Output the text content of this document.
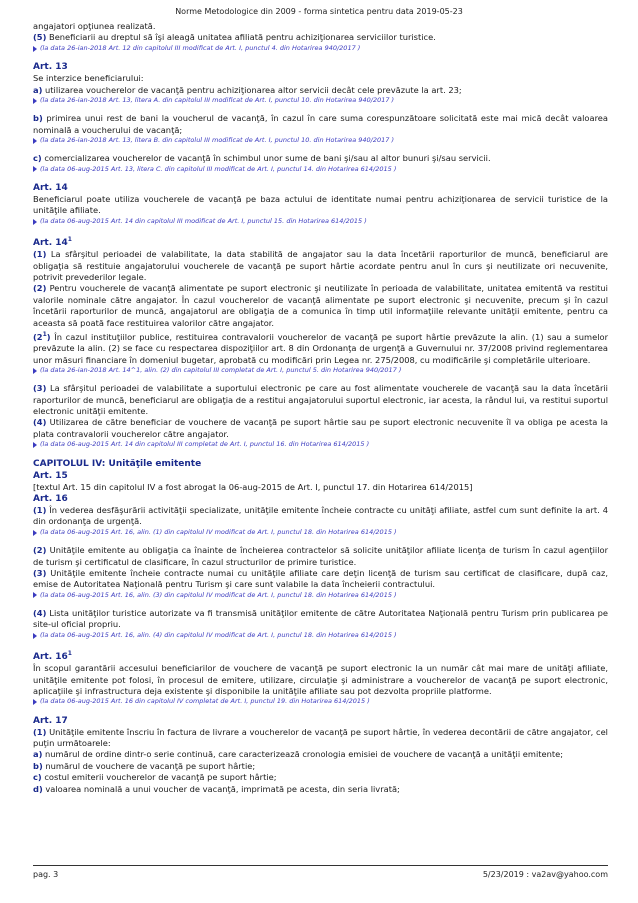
Norme Metodologice din 2009 - forma sintetica pentru data 2019-05-23

angajatori opţiunea realizată.

(5) Beneficiarii au dreptul să îşi aleagă unitatea afiliată pentru achiziţionarea serviciilor turistice.

(la data 26-ian-2018 Art. 12 din capitolul III modificat de Art. I, punctul 4. din Hotarirea 940/2017 )

Art. 13

Se interzice beneficiarului:

a) utilizarea voucherelor de vacanţă pentru achiziţionarea altor servicii decât cele prevăzute la art. 23;

(la data 26-ian-2018 Art. 13, litera A. din capitolul III modificat de Art. I, punctul 10. din Hotarirea 940/2017 )

b) primirea unui rest de bani la voucherul de vacanţă, în cazul în care suma corespunzătoare solicitată este mai mică decât valoarea nominală a voucherului de vacanţă;

(la data 26-ian-2018 Art. 13, litera B. din capitolul III modificat de Art. I, punctul 10. din Hotarirea 940/2017 )

c) comercializarea voucherelor de vacanţă în schimbul unor sume de bani şi/sau al altor bunuri şi/sau servicii.

(la data 06-aug-2015 Art. 13, litera C. din capitolul III modificat de Art. I, punctul 14. din Hotarirea 614/2015 )

Art. 14

Beneficiarul poate utiliza voucherele de vacanţă pe baza actului de identitate numai pentru achiziţionarea de servicii turistice de la unităţile afiliate.

(la data 06-aug-2015 Art. 14 din capitolul III modificat de Art. I, punctul 15. din Hotarirea 614/2015 )

Art. $14^1$

(1) La sfârşitul perioadei de valabilitate, la data stabilită de angajator sau la data încetării raporturilor de muncă, beneficiarul are obligaţia să restituie angajatorului voucherele de vacanţă pe suport hârtie acordate pentru anul în curs şi neutilizate ori necuvenite, potrivit prevederilor legale.

(2) Pentru voucherele de vacanţă alimentate pe suport electronic şi neutilizate în perioada de valabilitate, unitatea emitentă va restitui valorile nominale către angajator. În cazul voucherelor de vacanţă alimentate pe suport electronic şi necuvenite, precum şi în cazul încetării raporturilor de muncă, angajatorul are obligaţia de a comunica în timp util informaţiile relevante unităţii emitente, pentru ca aceasta să poată face restituirea valorilor către angajator.

$(2^1)$ În cazul instituţiilor publice, restituirea contravalorii voucherelor de vacanţă pe suport hârtie prevăzute la alin. (1) sau a sumelor prevăzute la alin. (2) se face cu respectarea dispoziţiilor art. 8 din Ordonanţa de urgenţă a Guvernului nr. 37/2008 privind reglementarea unor măsuri financiare în domeniul bugetar, aprobată cu modificări prin Legea nr. 275/2008, cu modificările şi completările ulterioare.

(la data 26-ian-2018 Art. 14^1, alin. (2) din capitolul III completat de Art. I, punctul 5. din Hotarirea 940/2017 )

(3) La sfârşitul perioadei de valabilitate a suportului electronic pe care au fost alimentate voucherele de vacanţă sau la data încetării raporturilor de muncă, beneficiarul are obligaţia de a restitui angajatorului suportul electronic, iar acesta, la rândul lui, va restitui suportul electronic unităţii emitente.

(4) Utilizarea de către beneficiar de vouchere de vacanţă pe suport hârtie sau pe suport electronic necuvenite îl va obliga pe acesta la plata contravalorii voucherelor către angajator.

(la data 06-aug-2015 Art. 14 din capitolul III completat de Art. I, punctul 16. din Hotarirea 614/2015 )

CAPITOLUL IV: Unităţile emitente

Art. 15

[textul Art. 15 din capitolul IV a fost abrogat la 06-aug-2015 de Art. I, punctul 17. din Hotarirea 614/2015]

Art. 16

(1) În vederea desfăşurării activităţii specializate, unităţile emitente încheie contracte cu unităţi afiliate, astfel cum sunt definite la art. 4 din ordonanţa de urgenţă.

(la data 06-aug-2015 Art. 16, alin. (1) din capitolul IV modificat de Art. I, punctul 18. din Hotarirea 614/2015 )

(2) Unităţile emitente au obligaţia ca înainte de încheierea contractelor să solicite unităţilor afiliate licenţa de turism în cazul agenţiilor de turism şi certificatul de clasificare, în cazul structurilor de primire turistice.

(3) Unităţile emitente încheie contracte numai cu unităţile afiliate care deţin licenţă de turism sau certificat de clasificare, după caz, emise de Autoritatea Naţională pentru Turism şi care sunt valabile la data încheierii contractului.

(la data 06-aug-2015 Art. 16, alin. (3) din capitolul IV modificat de Art. I, punctul 18. din Hotarirea 614/2015 )

(4) Lista unităţilor turistice autorizate va fi transmisă unităţilor emitente de către Autoritatea Naţională pentru Turism prin publicarea pe site-ul oficial propriu.

(la data 06-aug-2015 Art. 16, alin. (4) din capitolul IV modificat de Art. I, punctul 18. din Hotarirea 614/2015 )

Art. $16^1$

În scopul garantării accesului beneficiarilor de vouchere de vacanţă pe suport electronic la un număr cât mai mare de unităţi afiliate, unităţile emitente pot folosi, în procesul de emitere, utilizare, circulaţie şi administrare a voucherelor de vacanţă pe suport electronic, aplicaţiile şi infrastructura deja existente şi disponibile la unităţile afiliate sau pot dezvolta propriile platforme.

(la data 06-aug-2015 Art. 16 din capitolul IV completat de Art. I, punctul 19. din Hotarirea 614/2015 )

Art. 17

(1) Unităţile emitente înscriu în factura de livrare a voucherelor de vacanţă pe suport hârtie, în vederea decontării de către angajator, cel puţin următoarele:

a) numărul de ordine dintr-o serie continuă, care caracterizează cronologia emisiei de vouchere de vacanţă a unităţii emitente;

b) numărul de vouchere de vacanţă pe suport hârtie;

c) costul emiterii voucherelor de vacanţă pe suport hârtie;

d) valoarea nominală a unui voucher de vacanţă, imprimată pe acesta, din seria livrată;

pag. 3	5/23/2019 : va2av@yahoo.com
